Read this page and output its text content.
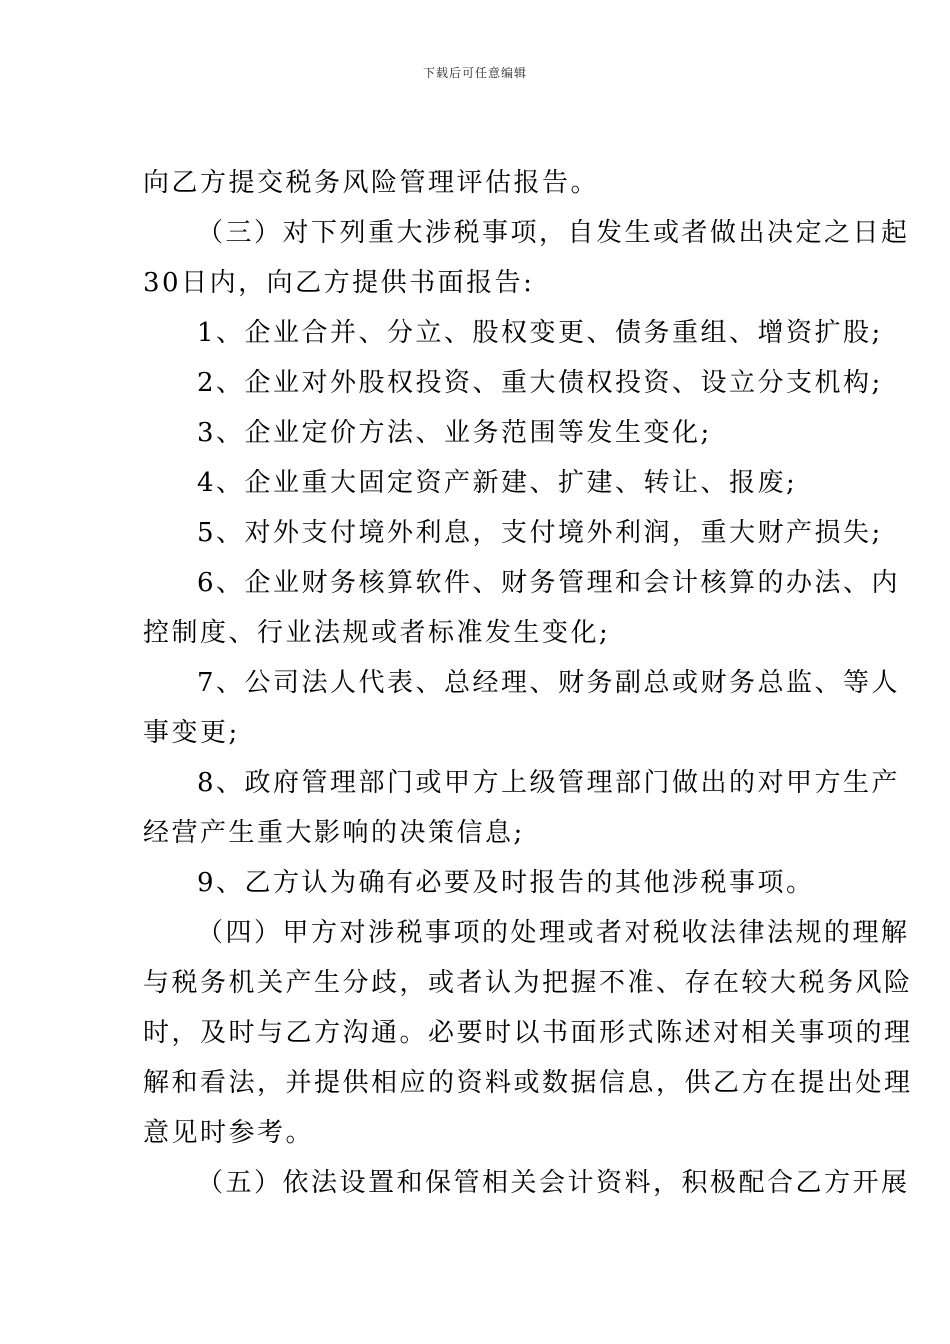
下载后可任意编辑

向乙方提交税务风险管理评估报告。

（三）对下列重大涉税事项，自发生或者做出决定之日起
30日内，向乙方提供书面报告:

1、企业合并、分立、股权变更、债务重组、增资扩股;

2、企业对外股权投资、重大债权投资、设立分支机构;

3、企业定价方法、业务范围等发生变化;

4、企业重大固定资产新建、扩建、转让、报废;

5、对外支付境外利息，支付境外利润，重大财产损失;

6、企业财务核算软件、财务管理和会计核算的办法、内
控制度、行业法规或者标准发生变化;

7、公司法人代表、总经理、财务副总或财务总监、等人
事变更;

8、政府管理部门或甲方上级管理部门做出的对甲方生产
经营产生重大影响的决策信息;

9、乙方认为确有必要及时报告的其他涉税事项。

（四）甲方对涉税事项的处理或者对税收法律法规的理解
与税务机关产生分歧，或者认为把握不准、存在较大税务风险
时，及时与乙方沟通。必要时以书面形式陈述对相关事项的理
解和看法，并提供相应的资料或数据信息，供乙方在提出处理
意见时参考。

（五）依法设置和保管相关会计资料，积极配合乙方开展
